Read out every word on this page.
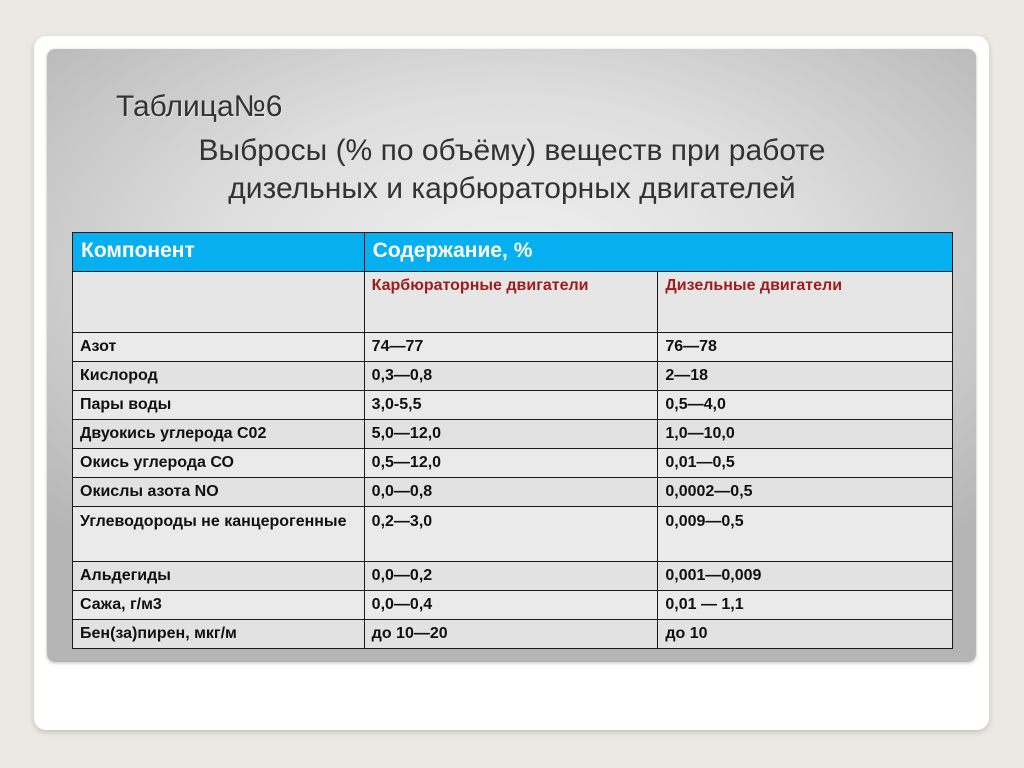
Таблица№6
Выбросы (% по объёму) веществ при работе
дизельных и карбюраторных двигателей
Компонент	Содержание, %	
	Карбюраторные двигатели	Дизельные двигатели
Азот	74—77	76—78
Кислород	0,3—0,8	2—18
Пары воды	3,0-5,5	0,5—4,0
Двуокись углерода С02	5,0—12,0	1,0—10,0
Окись углерода СО	0,5—12,0	0,01—0,5
Окислы азота NO	0,0—0,8	0,0002—0,5
Углеводороды не канцерогенные	0,2—3,0	0,009—0,5
Альдегиды	0,0—0,2	0,001—0,009
Сажа, г/м3	0,0—0,4	0,01 — 1,1
Бен(за)пирен, мкг/м	до 10—20	до 10
